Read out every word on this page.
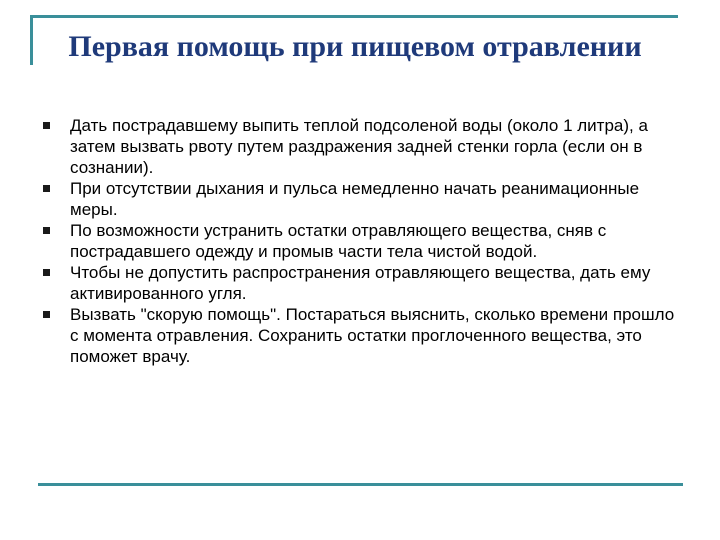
Первая помощь при пищевом отравлении
Дать пострадавшему выпить теплой подсоленой воды (около 1 литра), а затем вызвать рвоту путем раздражения задней стенки горла (если он в сознании).
При отсутствии дыхания и пульса немедленно начать реанимационные меры.
По возможности устранить остатки отравляющего вещества, сняв с пострадавшего одежду и промыв части тела чистой водой.
Чтобы не допустить распространения отравляющего вещества, дать ему активированного угля.
Вызвать "скорую помощь". Постараться выяснить, сколько времени прошло с момента отравления. Сохранить остатки проглоченного вещества, это поможет врачу.
